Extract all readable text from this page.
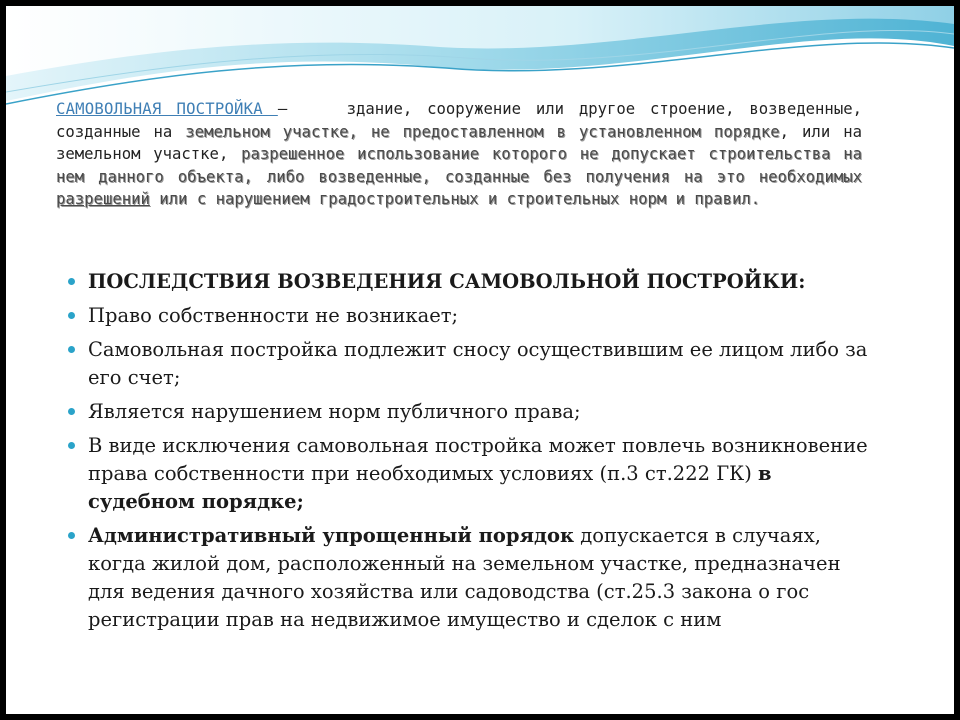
САМОВОЛЬНАЯ ПОСТРОЙКА –	здание, сооружение или другое строение, возведенные, созданные на земельном участке, не предоставленном в установленном порядке, или на земельном участке, разрешенное использование которого не допускает строительства на нем данного объекта, либо возведенные, созданные без получения на это необходимых разрешений или с нарушением градостроительных и строительных норм и правил.
ПОСЛЕДСТВИЯ ВОЗВЕДЕНИЯ САМОВОЛЬНОЙ ПОСТРОЙКИ:
Право собственности не возникает;
Самовольная постройка подлежит сносу осуществившим ее лицом либо за его счет;
Является нарушением норм публичного права;
В виде исключения самовольная постройка может повлечь возникновение права собственности при необходимых условиях (п.3 ст.222 ГК) в судебном порядке;
Административный упрощенный порядок допускается в случаях, когда жилой дом, расположенный на земельном участке, предназначен для ведения дачного хозяйства или садоводства (ст.25.3 закона о гос регистрации прав на недвижимое имущество и сделок с ним
